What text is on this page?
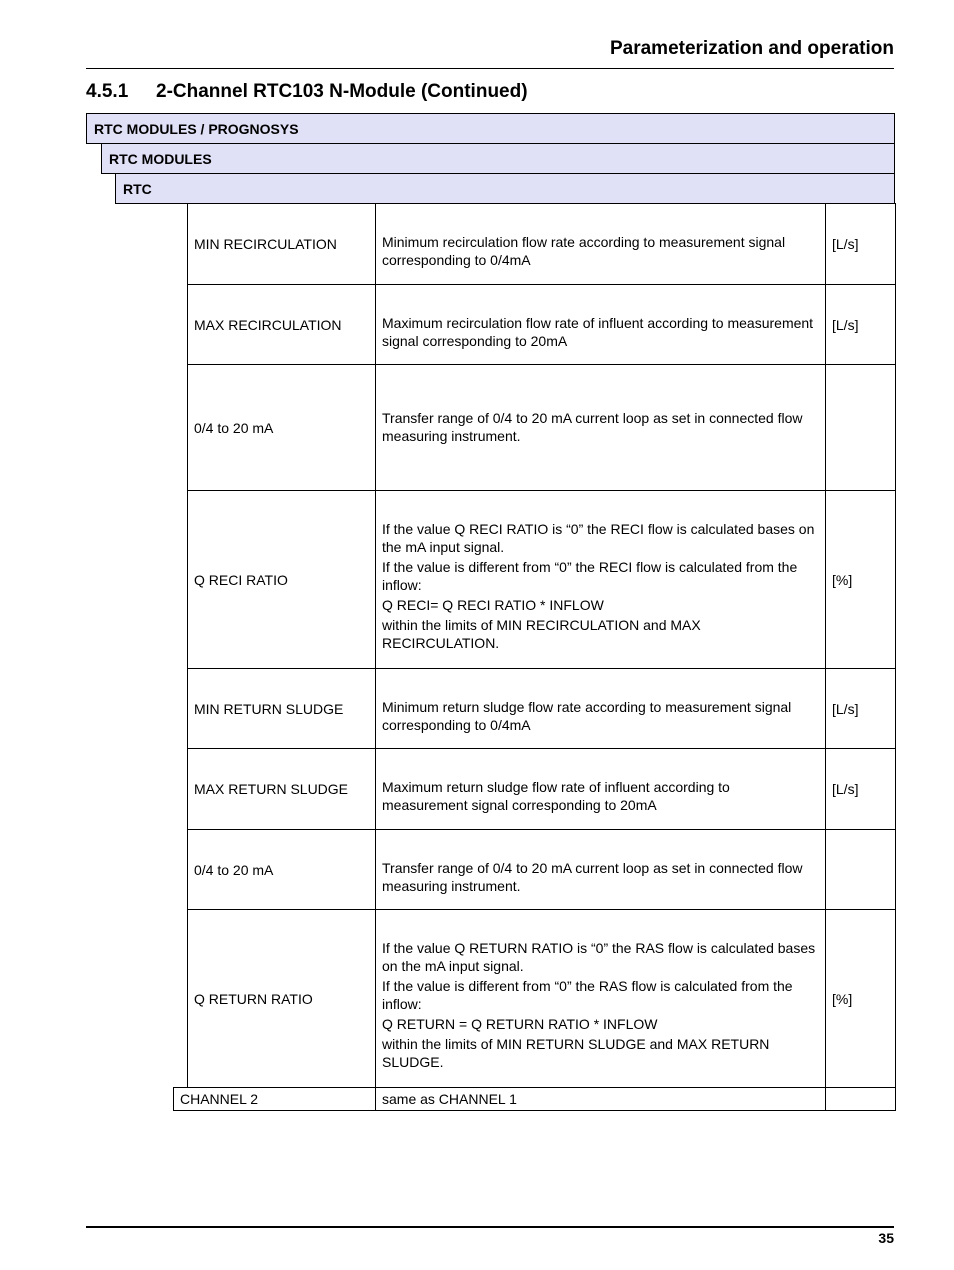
Parameterization and operation
4.5.1 2-Channel RTC103 N-Module (Continued)
RTC MODULES / PROGNOSYS
RTC MODULES
RTC
MIN RECIRCULATION	Minimum recirculation flow rate according to measurement signal corresponding to 0/4mA	[L/s]
MAX RECIRCULATION	Maximum recirculation flow rate of influent according to measurement signal corresponding to 20mA	[L/s]
0/4 to 20 mA	Transfer range of 0/4 to 20 mA current loop as set in connected flow measuring instrument.	

Q RECI RATIO	If the value Q RECI RATIO is “0” the RECI flow is calculated bases on the mA input signal.

If the value is different from “0” the RECI flow is calculated from the inflow:

Q RECI= Q RECI RATIO * INFLOW

within the limits of MIN RECIRCULATION and MAX RECIRCULATION.	[%]
MIN RETURN SLUDGE	Minimum return sludge flow rate according to measurement signal corresponding to 0/4mA	[L/s]
MAX RETURN SLUDGE	Maximum return sludge flow rate of influent according to measurement signal corresponding to 20mA	[L/s]
0/4 to 20 mA	Transfer range of 0/4 to 20 mA current loop as set in connected flow measuring instrument.	

Q RETURN RATIO	If the value Q RETURN RATIO is “0” the RAS flow is calculated bases on the mA input signal.

If the value is different from “0” the RAS flow is calculated from the inflow:

Q RETURN = Q RETURN RATIO * INFLOW

within the limits of MIN RETURN SLUDGE and MAX RETURN SLUDGE.	[%]
CHANNEL 2	same as CHANNEL 1	
35
